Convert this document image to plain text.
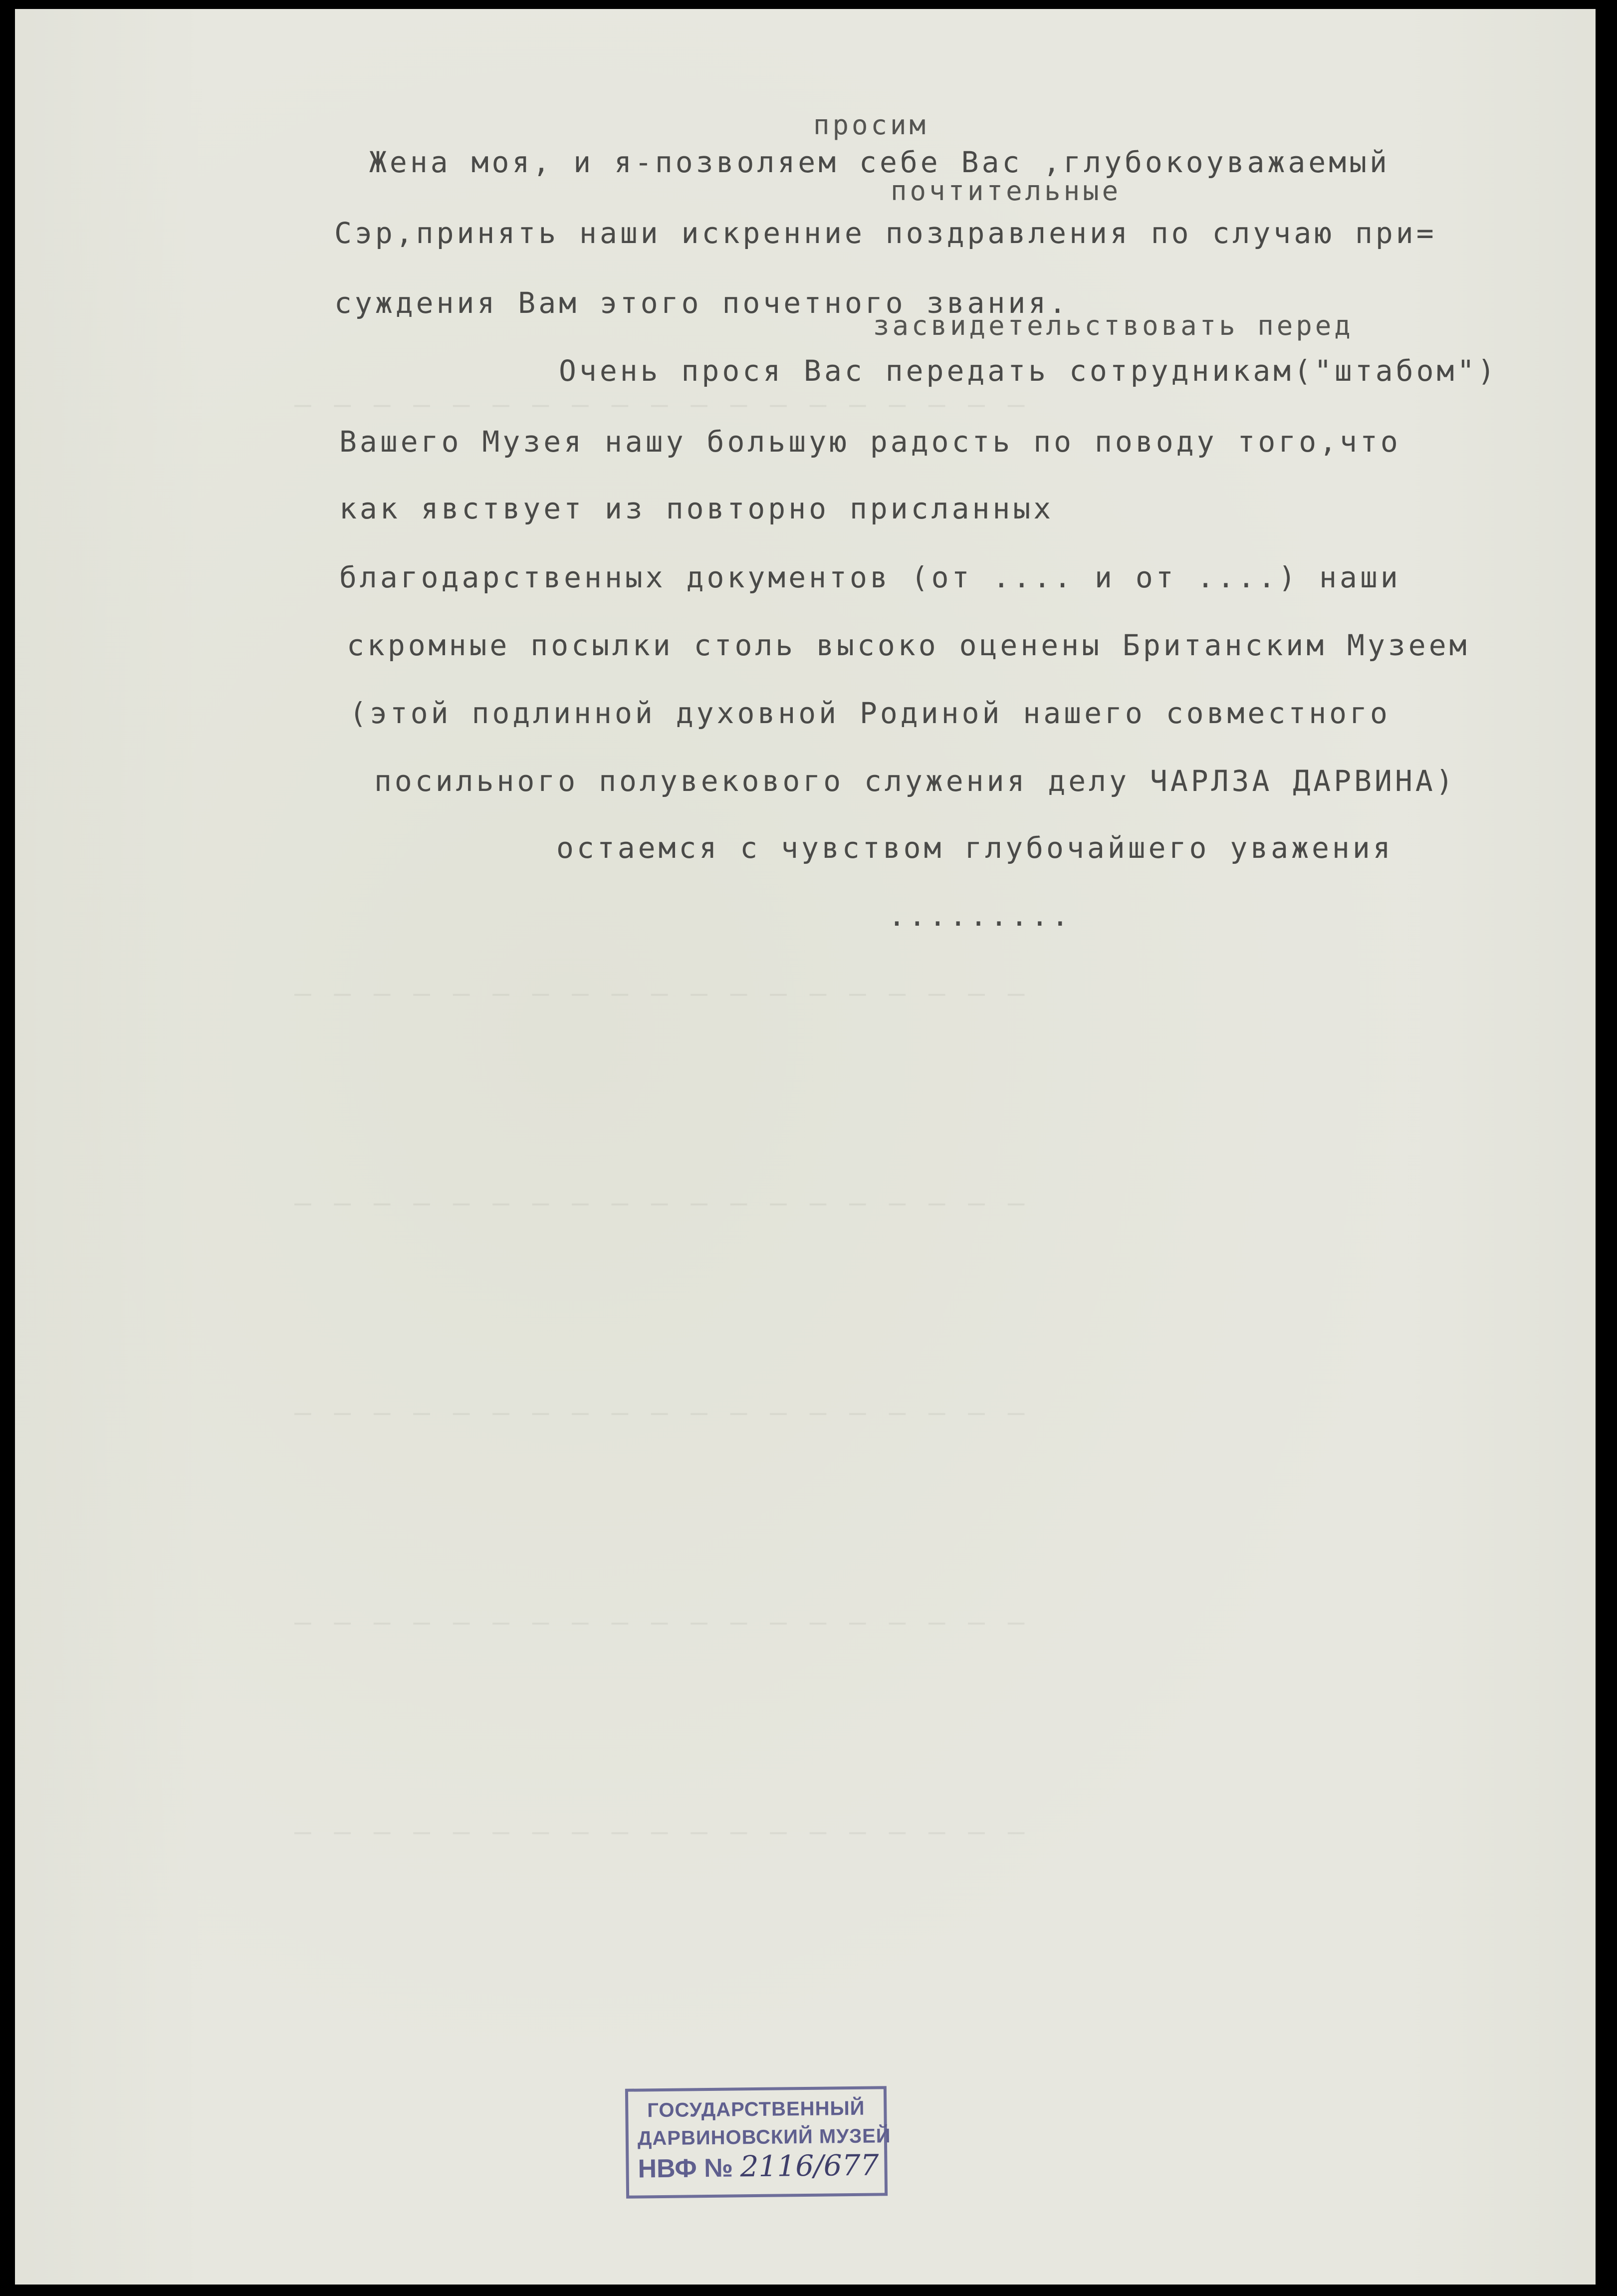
— — — — — — — — — — — — — — — — — — —
— — — — — — — — — — — — — — — — — — —
— — — — — — — — — — — — — — — — — — —
— — — — — — — — — — — — — — — — — — —
— — — — — — — — — — — — — — — — — — —
— — — — — — — — — — — — — — — — — — —
просим
почтительные
засвидетельствовать перед
Жена моя, и я-позволяем себе Вас ,глубокоуважаемый
Сэр,принять наши искренние поздравления по случаю при=
суждения Вам этого почетного звания.
Очень прося Вас передать сотрудникам("штабом")
Вашего Музея нашу большую радость по поводу того,что
как явствует из повторно присланных
благодарственных документов (от .... и от ....) наши
скромные посылки столь высоко оценены Британским Музеем
(этой подлинной духовной Родиной нашего совместного
посильного полувекового служения делу ЧАРЛЗА ДАРВИНА)
остаемся с чувством глубочайшего уважения
.........
ГОСУДАРСТВЕННЫЙ
ДАРВИНОВСКИЙ МУЗЕЙ
НВФ № 2116/677
